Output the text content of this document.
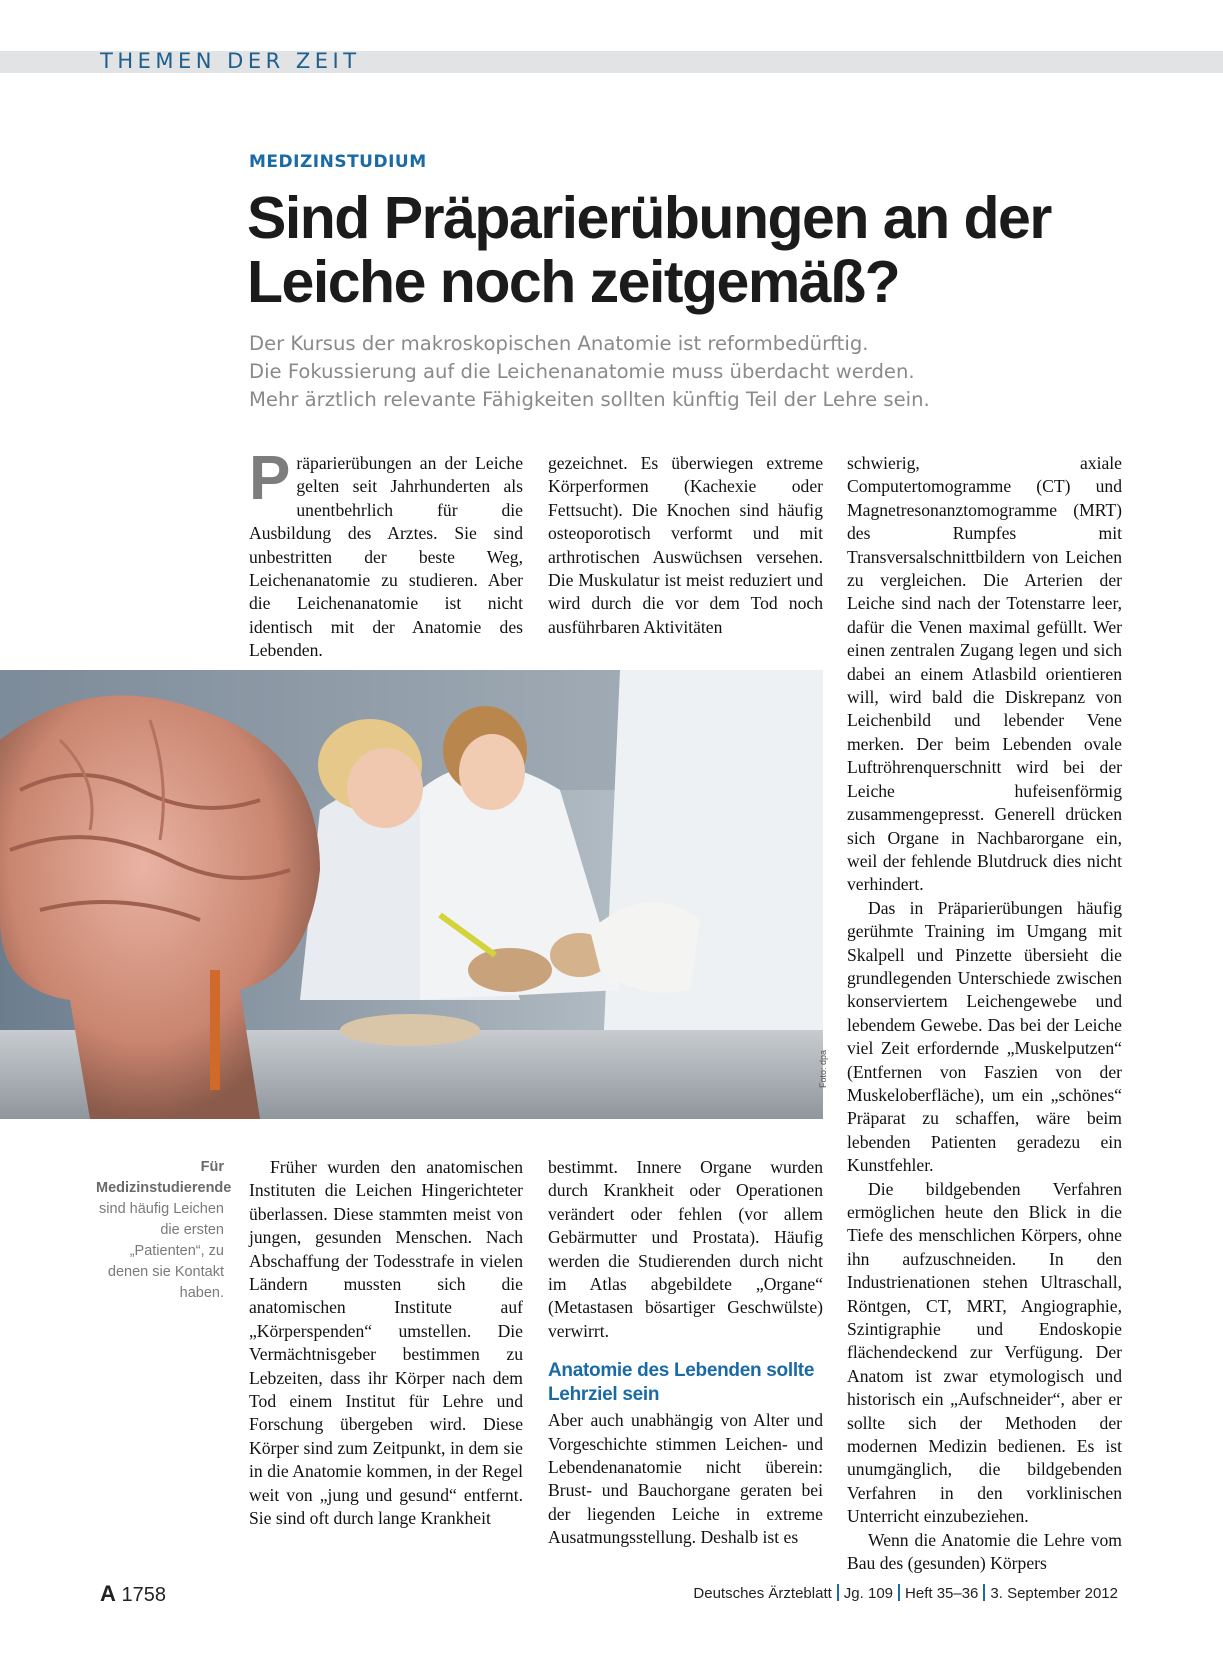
THEMEN DER ZEIT
MEDIZINSTUDIUM
Sind Präparierübungen an der Leiche noch zeitgemäß?
Der Kursus der makroskopischen Anatomie ist reformbedürftig.
Die Fokussierung auf die Leichenanatomie muss überdacht werden.
Mehr ärztlich relevante Fähigkeiten sollten künftig Teil der Lehre sein.

Präparierübungen an der Leiche gelten seit Jahrhunderten als unentbehrlich für die Ausbildung des Arztes. Sie sind unbestritten der beste Weg, Leichenanatomie zu studieren. Aber die Leichenanatomie ist nicht identisch mit der Anatomie des Lebenden.

gezeichnet. Es überwiegen extreme Körperformen (Kachexie oder Fettsucht). Die Knochen sind häufig osteoporotisch verformt und mit arthrotischen Auswüchsen versehen. Die Muskulatur ist meist reduziert und wird durch die vor dem Tod noch ausführbaren Aktivitäten

schwierig, axiale Computertomogramme (CT) und Magnetresonanztomogramme (MRT) des Rumpfes mit Transversalschnittbildern von Leichen zu vergleichen. Die Arterien der Leiche sind nach der Totenstarre leer, dafür die Venen maximal gefüllt. Wer einen zentralen Zugang legen und sich dabei an einem Atlasbild orientieren will, wird bald die Diskrepanz von Leichenbild und lebender Vene merken. Der beim Lebenden ovale Luftröhrenquerschnitt wird bei der Leiche hufeisenförmig zusammengepresst. Generell drücken sich Organe in Nachbarorgane ein, weil der fehlende Blutdruck dies nicht verhindert.

Das in Präparierübungen häufig gerühmte Training im Umgang mit Skalpell und Pinzette übersieht die grundlegenden Unterschiede zwischen konserviertem Leichengewebe und lebendem Gewebe. Das bei der Leiche viel Zeit erfordernde „Muskelputzen“ (Entfernen von Faszien von der Muskeloberfläche), um ein „schönes“ Präparat zu schaffen, wäre beim lebenden Patienten geradezu ein Kunstfehler.

Die bildgebenden Verfahren ermöglichen heute den Blick in die Tiefe des menschlichen Körpers, ohne ihn aufzuschneiden. In den Industrienationen stehen Ultraschall, Röntgen, CT, MRT, Angiographie, Szintigraphie und Endoskopie flächendeckend zur Verfügung. Der Anatom ist zwar etymologisch und historisch ein „Aufschneider“, aber er sollte sich der Methoden der modernen Medizin bedienen. Es ist unumgänglich, die bildgebenden Verfahren in den vorklinischen Unterricht einzubeziehen.

Wenn die Anatomie die Lehre vom Bau des (gesunden) Körpers

Foto: dpa
Für Medizinstudierende sind häufig Leichen die ersten „Patienten“, zu denen sie Kontakt haben.

Früher wurden den anatomischen Instituten die Leichen Hingerichteter überlassen. Diese stammten meist von jungen, gesunden Menschen. Nach Abschaffung der Todesstrafe in vielen Ländern mussten sich die anatomischen Institute auf „Körperspenden“ umstellen. Die Vermächtnisgeber bestimmen zu Lebzeiten, dass ihr Körper nach dem Tod einem Institut für Lehre und Forschung übergeben wird. Diese Körper sind zum Zeitpunkt, in dem sie in die Anatomie kommen, in der Regel weit von „jung und gesund“ entfernt. Sie sind oft durch lange Krankheit

bestimmt. Innere Organe wurden durch Krankheit oder Operationen verändert oder fehlen (vor allem Gebärmutter und Prostata). Häufig werden die Studierenden durch nicht im Atlas abgebildete „Organe“ (Metastasen bösartiger Geschwülste) verwirrt.

Anatomie des Lebenden sollte Lehrziel sein

Aber auch unabhängig von Alter und Vorgeschichte stimmen Leichen- und Lebendenanatomie nicht überein: Brust- und Bauchorgane geraten bei der liegenden Leiche in extreme Ausatmungsstellung. Deshalb ist es

A 1758	Deutsches Ärzteblatt Jg. 109 Heft 35–36 3. September 2012
